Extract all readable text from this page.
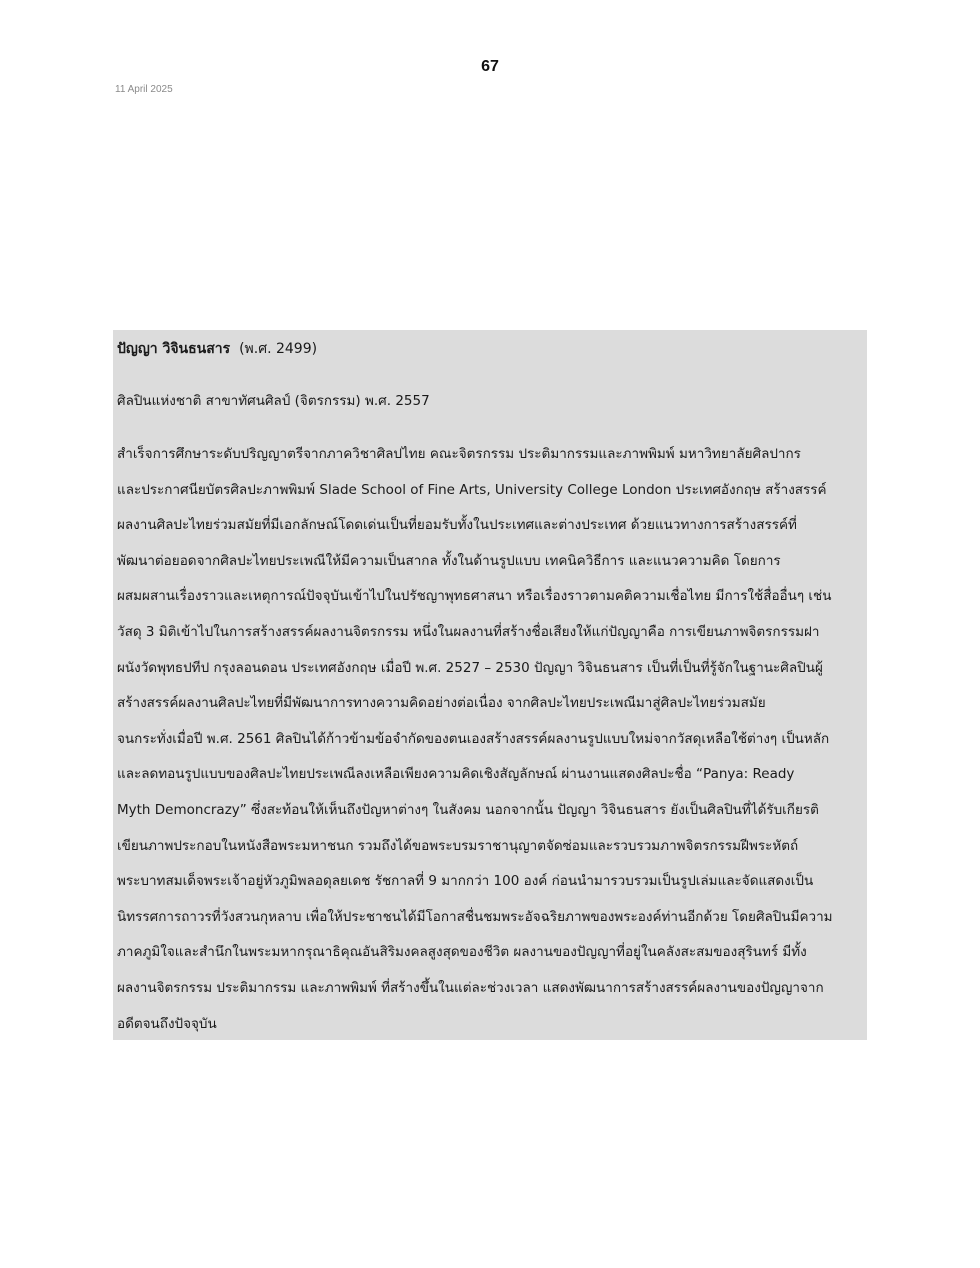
67
11 April 2025
ปัญญา วิจินธนสาร (พ.ศ. 2499)
ศิลปินแห่งชาติ สาขาทัศนศิลป์ (จิตรกรรม) พ.ศ. 2557
สำเร็จการศึกษาระดับปริญญาตรีจากภาควิชาศิลปไทย คณะจิตรกรรม ประติมากรรมและภาพพิมพ์ มหาวิทยาลัยศิลปากร
และประกาศนียบัตรศิลปะภาพพิมพ์ Slade School of Fine Arts, University College London ประเทศอังกฤษ สร้างสรรค์
ผลงานศิลปะไทยร่วมสมัยที่มีเอกลักษณ์โดดเด่นเป็นที่ยอมรับทั้งในประเทศและต่างประเทศ ด้วยแนวทางการสร้างสรรค์ที่
พัฒนาต่อยอดจากศิลปะไทยประเพณีให้มีความเป็นสากล ทั้งในด้านรูปแบบ เทคนิควิธีการ และแนวความคิด โดยการ
ผสมผสานเรื่องราวและเหตุการณ์ปัจจุบันเข้าไปในปรัชญาพุทธศาสนา หรือเรื่องราวตามคติความเชื่อไทย มีการใช้สื่ออื่นๆ เช่น
วัสดุ 3 มิติเข้าไปในการสร้างสรรค์ผลงานจิตรกรรม หนึ่งในผลงานที่สร้างชื่อเสียงให้แก่ปัญญาคือ การเขียนภาพจิตรกรรมฝา
ผนังวัดพุทธปทีป กรุงลอนดอน ประเทศอังกฤษ เมื่อปี พ.ศ. 2527 – 2530 ปัญญา วิจินธนสาร เป็นที่เป็นที่รู้จักในฐานะศิลปินผู้
สร้างสรรค์ผลงานศิลปะไทยที่มีพัฒนาการทางความคิดอย่างต่อเนื่อง จากศิลปะไทยประเพณีมาสู่ศิลปะไทยร่วมสมัย
จนกระทั่งเมื่อปี พ.ศ. 2561 ศิลปินได้ก้าวข้ามข้อจำกัดของตนเองสร้างสรรค์ผลงานรูปแบบใหม่จากวัสดุเหลือใช้ต่างๆ เป็นหลัก
และลดทอนรูปแบบของศิลปะไทยประเพณีลงเหลือเพียงความคิดเชิงสัญลักษณ์ ผ่านงานแสดงศิลปะชื่อ “Panya: Ready
Myth Demoncrazy” ซึ่งสะท้อนให้เห็นถึงปัญหาต่างๆ ในสังคม นอกจากนั้น ปัญญา วิจินธนสาร ยังเป็นศิลปินที่ได้รับเกียรติ
เขียนภาพประกอบในหนังสือพระมหาชนก รวมถึงได้ขอพระบรมราชานุญาตจัดซ่อมและรวบรวมภาพจิตรกรรมฝีพระหัตถ์
พระบาทสมเด็จพระเจ้าอยู่หัวภูมิพลอดุลยเดช รัชกาลที่ 9 มากกว่า 100 องค์ ก่อนนำมารวบรวมเป็นรูปเล่มและจัดแสดงเป็น
นิทรรศการถาวรที่วังสวนกุหลาบ เพื่อให้ประชาชนได้มีโอกาสชื่นชมพระอัจฉริยภาพของพระองค์ท่านอีกด้วย โดยศิลปินมีความ
ภาคภูมิใจและสำนึกในพระมหากรุณาธิคุณอันสิริมงคลสูงสุดของชีวิต ผลงานของปัญญาที่อยู่ในคลังสะสมของสุรินทร์ มีทั้ง
ผลงานจิตรกรรม ประติมากรรม และภาพพิมพ์ ที่สร้างขึ้นในแต่ละช่วงเวลา แสดงพัฒนาการสร้างสรรค์ผลงานของปัญญาจาก
อดีตจนถึงปัจจุบัน
